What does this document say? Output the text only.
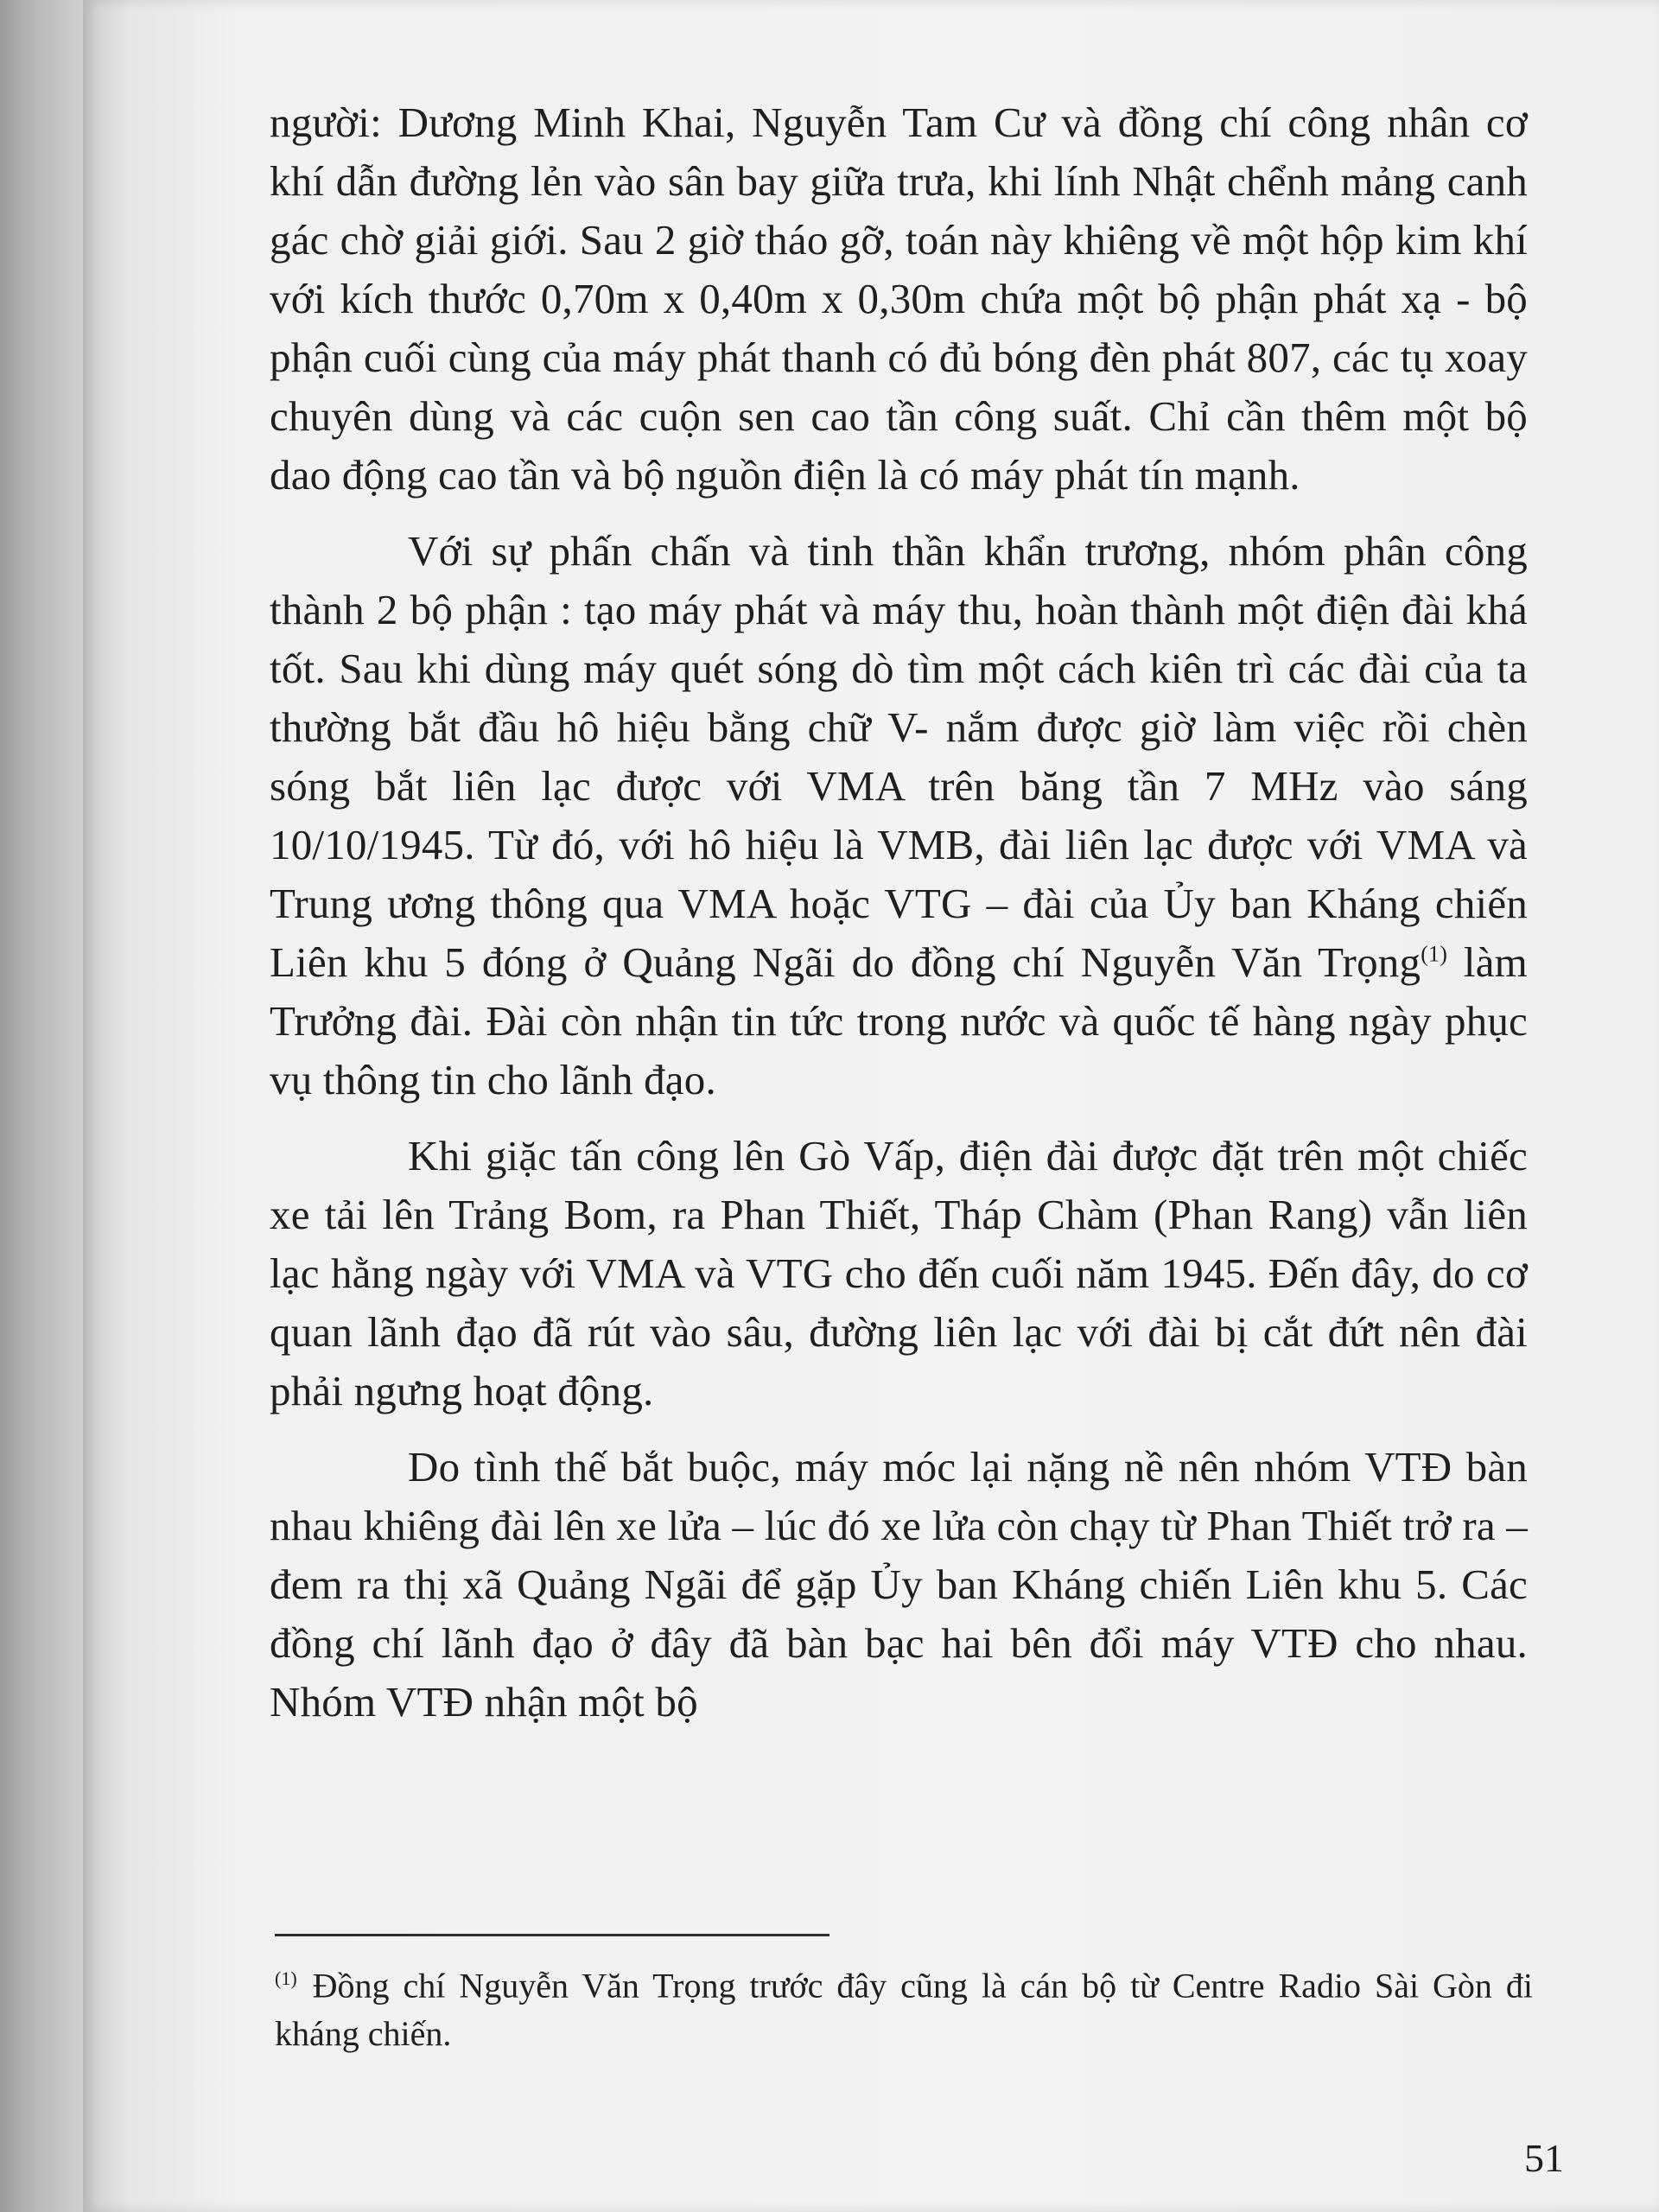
người: Dương Minh Khai, Nguyễn Tam Cư và đồng chí công nhân cơ khí dẫn đường lẻn vào sân bay giữa trưa, khi lính Nhật chểnh mảng canh gác chờ giải giới. Sau 2 giờ tháo gỡ, toán này khiêng về một hộp kim khí với kích thước 0,70m x 0,40m x 0,30m chứa một bộ phận phát xạ - bộ phận cuối cùng của máy phát thanh có đủ bóng đèn phát 807, các tụ xoay chuyên dùng và các cuộn sen cao tần công suất. Chỉ cần thêm một bộ dao động cao tần và bộ nguồn điện là có máy phát tín mạnh.

Với sự phấn chấn và tinh thần khẩn trương, nhóm phân công thành 2 bộ phận : tạo máy phát và máy thu, hoàn thành một điện đài khá tốt. Sau khi dùng máy quét sóng dò tìm một cách kiên trì các đài của ta thường bắt đầu hô hiệu bằng chữ V- nắm được giờ làm việc rồi chèn sóng bắt liên lạc được với VMA trên băng tần 7 MHz vào sáng 10/10/1945. Từ đó, với hô hiệu là VMB, đài liên lạc được với VMA và Trung ương thông qua VMA hoặc VTG – đài của Ủy ban Kháng chiến Liên khu 5 đóng ở Quảng Ngãi do đồng chí Nguyễn Văn Trọng$^{(1)}$ làm Trưởng đài. Đài còn nhận tin tức trong nước và quốc tế hàng ngày phục vụ thông tin cho lãnh đạo.

Khi giặc tấn công lên Gò Vấp, điện đài được đặt trên một chiếc xe tải lên Trảng Bom, ra Phan Thiết, Tháp Chàm (Phan Rang) vẫn liên lạc hằng ngày với VMA và VTG cho đến cuối năm 1945. Đến đây, do cơ quan lãnh đạo đã rút vào sâu, đường liên lạc với đài bị cắt đứt nên đài phải ngưng hoạt động.

Do tình thế bắt buộc, máy móc lại nặng nề nên nhóm VTĐ bàn nhau khiêng đài lên xe lửa – lúc đó xe lửa còn chạy từ Phan Thiết trở ra – đem ra thị xã Quảng Ngãi để gặp Ủy ban Kháng chiến Liên khu 5. Các đồng chí lãnh đạo ở đây đã bàn bạc hai bên đổi máy VTĐ cho nhau. Nhóm VTĐ nhận một bộ

$^{(1)}$ Đồng chí Nguyễn Văn Trọng trước đây cũng là cán bộ từ Centre Radio Sài Gòn đi kháng chiến.
51
